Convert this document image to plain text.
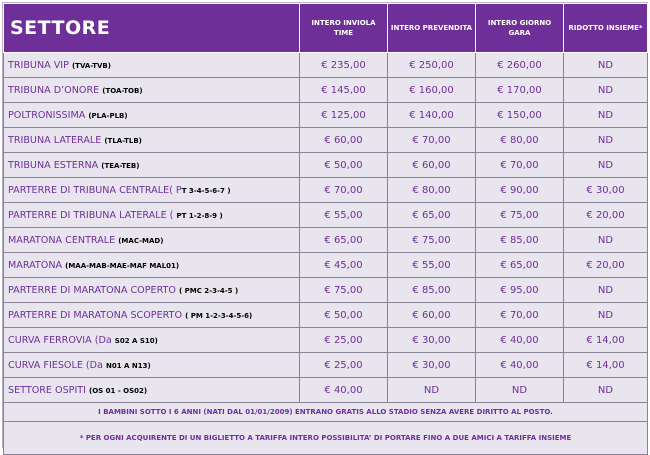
SETTORE	INTERO INVIOLA TIME	INTERO PREVENDITA	INTERO GIORNO GARA	RIDOTTO INSIEME*
TRIBUNA VIP (TVA-TVB)	€ 235,00	€ 250,00	€ 260,00	ND
TRIBUNA D’ONORE (TOA-TOB)	€ 145,00	€ 160,00	€ 170,00	ND
POLTRONISSIMA (PLA-PLB)	€ 125,00	€ 140,00	€ 150,00	ND
TRIBUNA LATERALE (TLA-TLB)	€ 60,00	€ 70,00	€ 80,00	ND
TRIBUNA ESTERNA (TEA-TEB)	€ 50,00	€ 60,00	€ 70,00	ND
PARTERRE DI TRIBUNA CENTRALE( PT 3-4-5-6-7 )	€ 70,00	€ 80,00	€ 90,00	€ 30,00
PARTERRE DI TRIBUNA LATERALE ( PT 1-2-8-9 )	€ 55,00	€ 65,00	€ 75,00	€ 20,00
MARATONA CENTRALE (MAC-MAD)	€ 65,00	€ 75,00	€ 85,00	ND
MARATONA (MAA-MAB-MAE-MAF MAL01)	€ 45,00	€ 55,00	€ 65,00	€ 20,00
PARTERRE DI MARATONA COPERTO ( PMC 2-3-4-5 )	€ 75,00	€ 85,00	€ 95,00	ND
PARTERRE DI MARATONA SCOPERTO ( PM 1-2-3-4-5-6)	€ 50,00	€ 60,00	€ 70,00	ND
CURVA FERROVIA (Da S02 A S10)	€ 25,00	€ 30,00	€ 40,00	€ 14,00
CURVA FIESOLE (Da N01 A N13)	€ 25,00	€ 30,00	€ 40,00	€ 14,00
SETTORE OSPITI (OS 01 - OS02)	€ 40,00	ND	ND	ND
I BAMBINI SOTTO I 6 ANNI (NATI DAL 01/01/2009) ENTRANO GRATIS ALLO STADIO SENZA AVERE DIRITTO AL POSTO.				
* PER OGNI ACQUIRENTE DI UN BIGLIETTO A TARIFFA INTERO POSSIBILITA’ DI PORTARE FINO A DUE AMICI A TARIFFA INSIEME				
